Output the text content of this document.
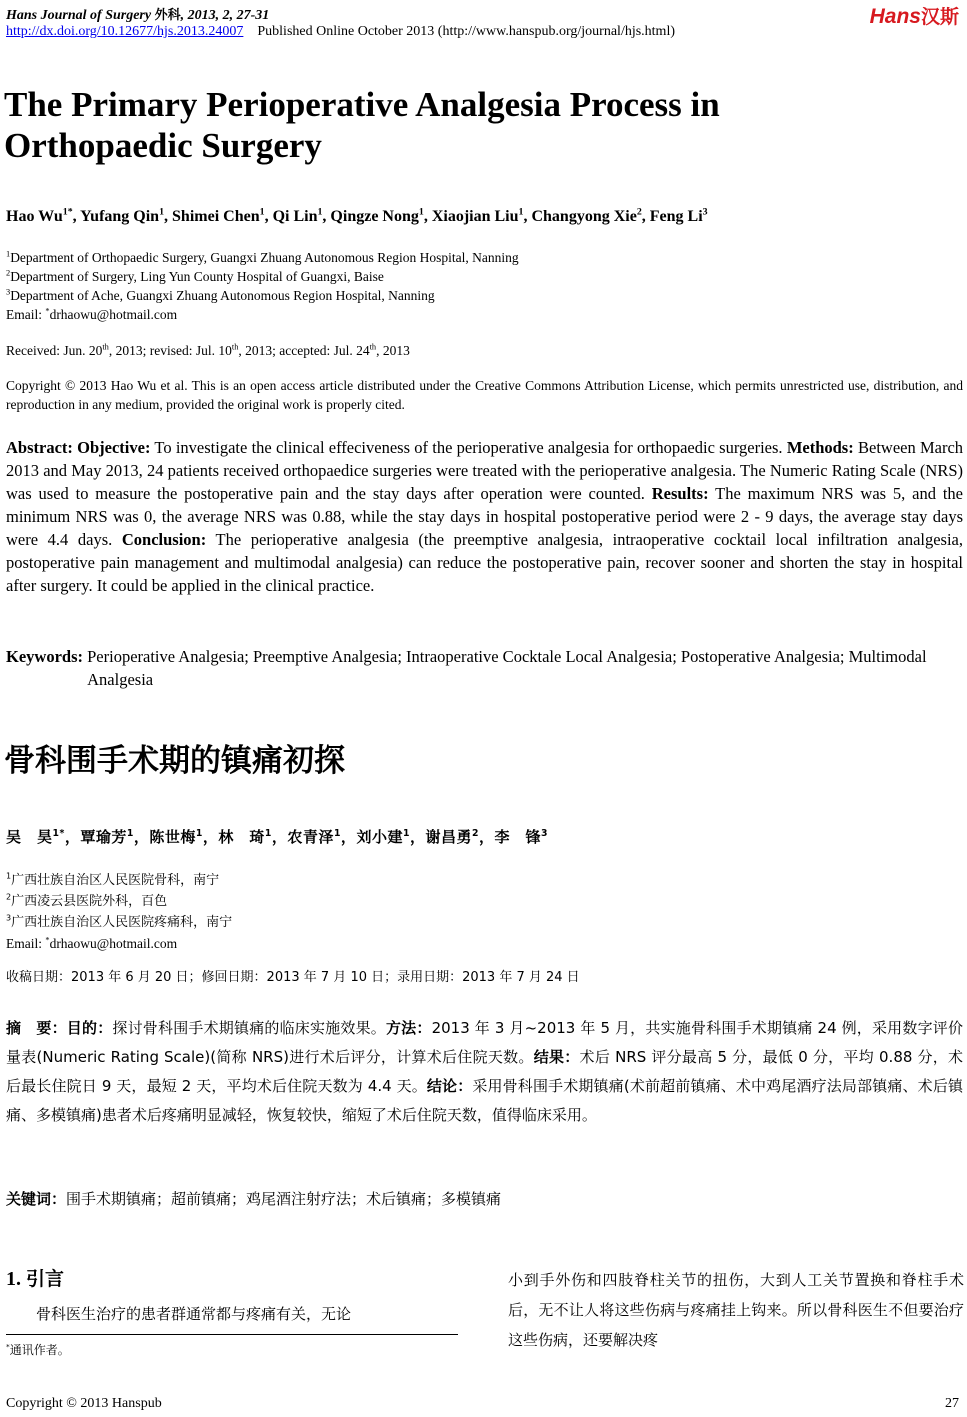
Hans Journal of Surgery 外科, 2013, 2, 27-31
http://dx.doi.org/10.12677/hjs.2013.24007 Published Online October 2013 (http://www.hanspub.org/journal/hjs.html)
Hans汉斯
The Primary Perioperative Analgesia Process in Orthopaedic Surgery
Hao $Wu^{1*}$, Yufang Qin$^1$, Shimei Chen$^1$, Qi Lin$^1$, Qingze Nong$^1$, Xiaojian Liu$^1$, Changyong Xie$^2$, Feng Li$^3$
$^1$Department of Orthopaedic Surgery, Guangxi Zhuang Autonomous Region Hospital, Nanning
$^2$Department of Surgery, Ling Yun County Hospital of Guangxi, Baise
$^3$Department of Ache, Guangxi Zhuang Autonomous Region Hospital, Nanning
Email: *drhaowu@hotmail.com
Received: Jun. 20th, 2013; revised: Jul. 10th, 2013; accepted: Jul. 24th, 2013
Copyright © 2013 Hao Wu et al. This is an open access article distributed under the Creative Commons Attribution License, which permits unrestricted use, distribution, and reproduction in any medium, provided the original work is properly cited.
Abstract: Objective: To investigate the clinical effeciveness of the perioperative analgesia for orthopaedic surgeries. Methods: Between March 2013 and May 2013, 24 patients received orthopaedice surgeries were treated with the perioperative analgesia. The Numeric Rating Scale (NRS) was used to measure the postoperative pain and the stay days after operation were counted. Results: The maximum NRS was 5, and the minimum NRS was 0, the average NRS was 0.88, while the stay days in hospital postoperative period were 2 - 9 days, the average stay days were 4.4 days. Conclusion: The perioperative analgesia (the preemptive analgesia, intraoperative cocktail local infiltration analgesia, postoperative pain management and multimodal analgesia) can reduce the postoperative pain, recover sooner and shorten the stay in hospital after surgery. It could be applied in the clinical practice.
Keywords: Perioperative Analgesia; Preemptive Analgesia; Intraoperative Cocktale Local Analgesia; Postoperative Analgesia; Multimodal Analgesia
骨科围手术期的镇痛初探
吴　昊$^{1*}$，覃瑜芳$^1$，陈世梅$^1$，林　琦$^1$，农青泽$^1$，刘小建$^1$，谢昌勇$^2$，李　锋$^3$
$^1$广西壮族自治区人民医院骨科，南宁
$^2$广西凌云县医院外科，百色
$^3$广西壮族自治区人民医院疼痛科，南宁
Email: *drhaowu@hotmail.com
收稿日期：2013 年 6 月 20 日；修回日期：2013 年 7 月 10 日；录用日期：2013 年 7 月 24 日
摘　要：目的：探讨骨科围手术期镇痛的临床实施效果。方法：2013 年 3 月~2013 年 5 月，共实施骨科围手术期镇痛 24 例，采用数字评价量表(Numeric Rating Scale)(简称 NRS)进行术后评分，计算术后住院天数。结果：术后 NRS 评分最高 5 分，最低 0 分，平均 0.88 分，术后最长住院日 9 天，最短 2 天，平均术后住院天数为 4.4 天。结论：采用骨科围手术期镇痛(术前超前镇痛、术中鸡尾酒疗法局部镇痛、术后镇痛、多模镇痛)患者术后疼痛明显减轻，恢复较快，缩短了术后住院天数，值得临床采用。
关键词：围手术期镇痛；超前镇痛；鸡尾酒注射疗法；术后镇痛；多模镇痛
1. 引言
骨科医生治疗的患者群通常都与疼痛有关，无论
*通讯作者。
小到手外伤和四肢脊柱关节的扭伤，大到人工关节置换和脊柱手术后，无不让人将这些伤病与疼痛挂上钩来。所以骨科医生不但要治疗这些伤病，还要解决疼
Copyright © 2013 Hanspub	27
